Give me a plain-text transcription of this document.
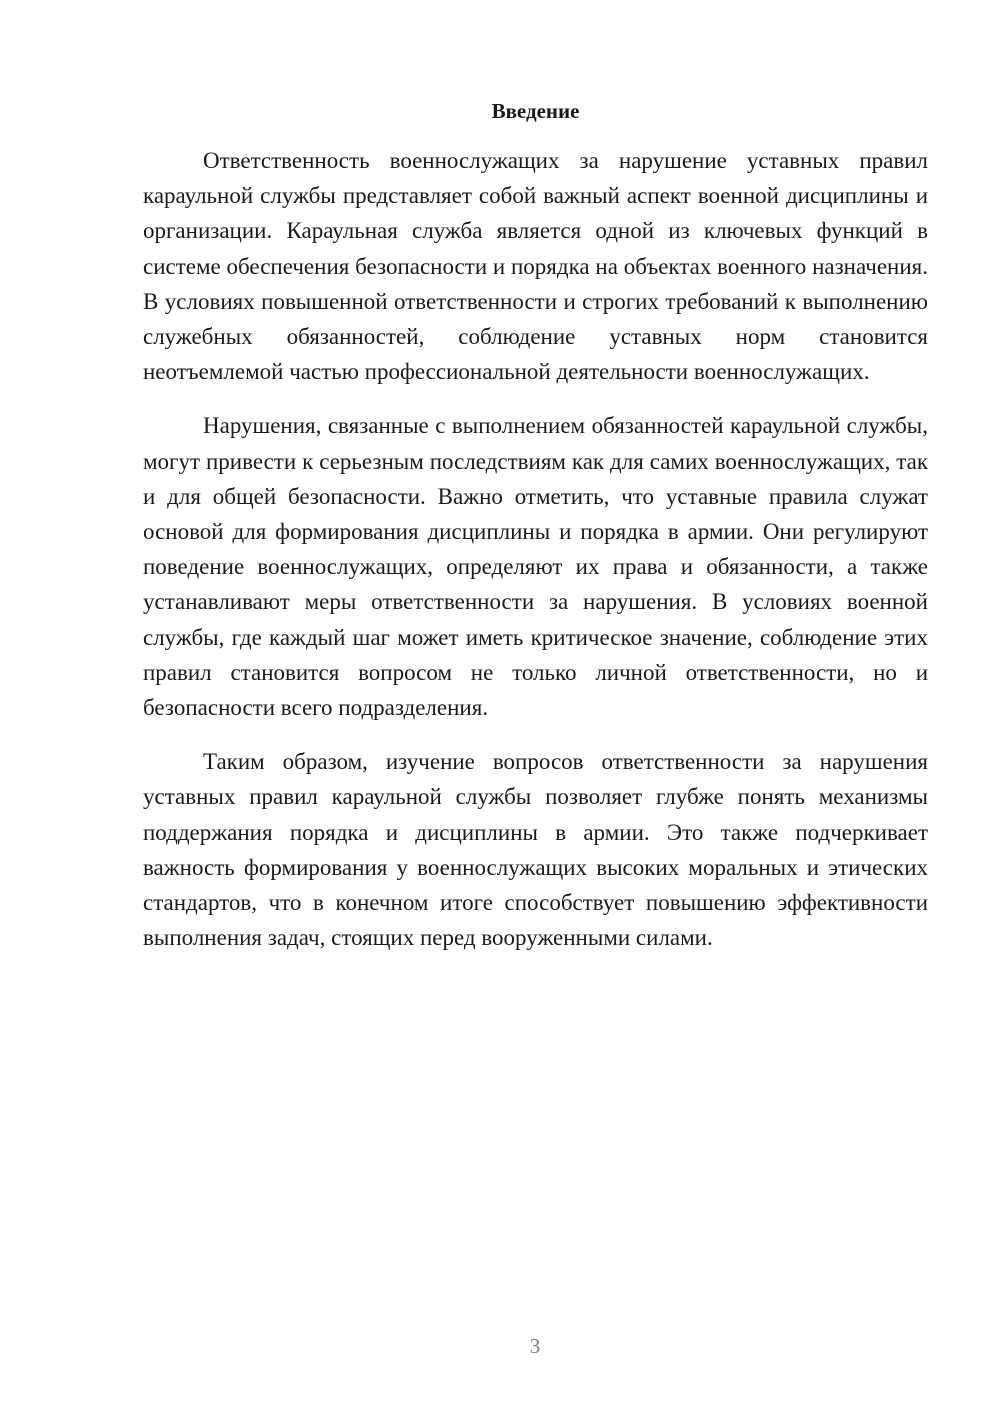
Введение

Ответственность военнослужащих за нарушение уставных правил караульной службы представляет собой важный аспект военной дисциплины и организации. Караульная служба является одной из ключевых функций в системе обеспечения безопасности и порядка на объектах военного назначения. В условиях повышенной ответственности и строгих требований к выполнению служебных обязанностей, соблюдение уставных норм становится неотъемлемой частью профессиональной деятельности военнослужащих.

Нарушения, связанные с выполнением обязанностей караульной службы, могут привести к серьезным последствиям как для самих военнослужащих, так и для общей безопасности. Важно отметить, что уставные правила служат основой для формирования дисциплины и порядка в армии. Они регулируют поведение военнослужащих, определяют их права и обязанности, а также устанавливают меры ответственности за нарушения. В условиях военной службы, где каждый шаг может иметь критическое значение, соблюдение этих правил становится вопросом не только личной ответственности, но и безопасности всего подразделения.

Таким образом, изучение вопросов ответственности за нарушения уставных правил караульной службы позволяет глубже понять механизмы поддержания порядка и дисциплины в армии. Это также подчеркивает важность формирования у военнослужащих высоких моральных и этических стандартов, что в конечном итоге способствует повышению эффективности выполнения задач, стоящих перед вооруженными силами.

3
